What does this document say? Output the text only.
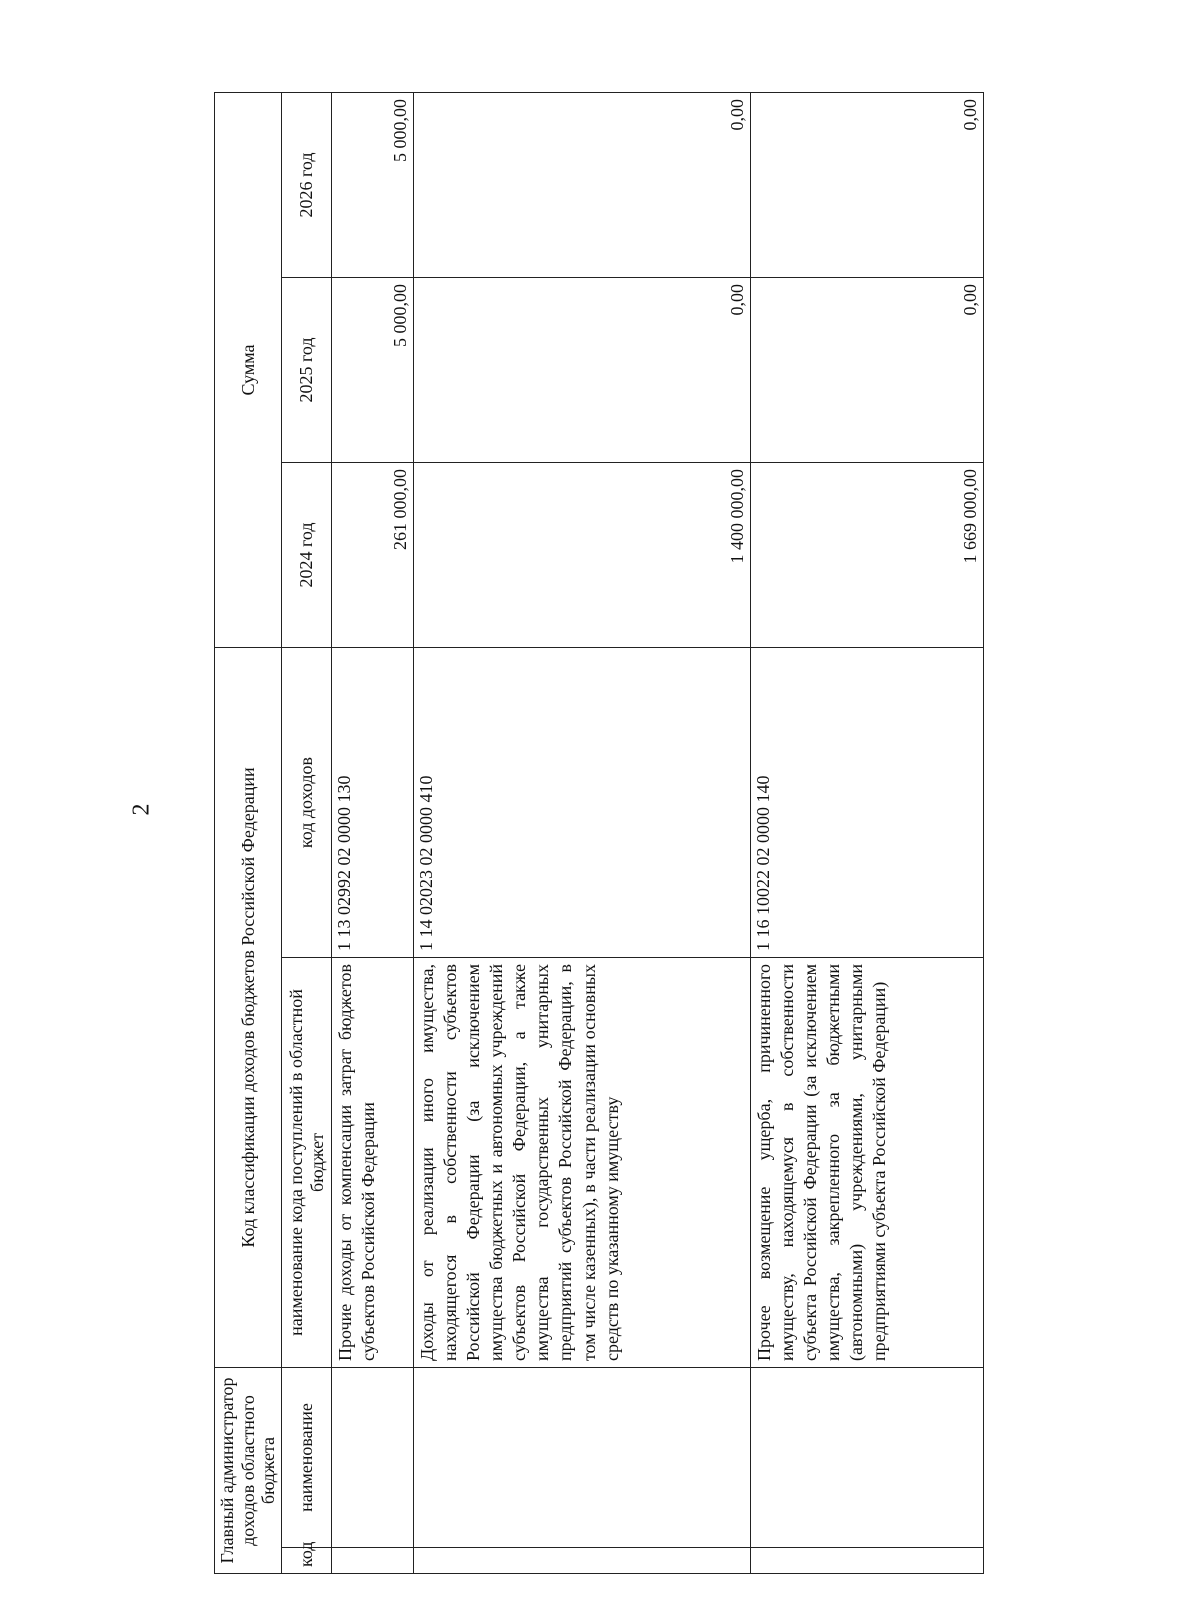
2
Главный администратор доходов областного бюджета		Код классификации доходов бюджетов Российской Федерации		Сумма		
код	наименование	наименование кода поступлений в областной бюджет	код доходов	2024 год	2025 год	2026 год
		Прочие доходы от компенсации затрат бюджетов субъектов Российской Федерации	1 13 02992 02 0000 130	261 000,00	5 000,00	5 000,00
		Доходы от реализации иного имущества, находящегося в собственности субъектов Российской Федерации (за исключением имущества бюджетных и автономных учреждений субъектов Российской Федерации, а также имущества государственных унитарных предприятий субъектов Российской Федерации, в том числе казенных), в части реализации основных средств по указанному имуществу	1 14 02023 02 0000 410	1 400 000,00	0,00	0,00
		Прочее возмещение ущерба, причиненного имуществу, находящемуся в собственности субъекта Российской Федерации (за исключением имущества, закрепленного за бюджетными (автономными) учреждениями, унитарными предприятиями субъекта Российской Федерации)	1 16 10022 02 0000 140	1 669 000,00	0,00	0,00
